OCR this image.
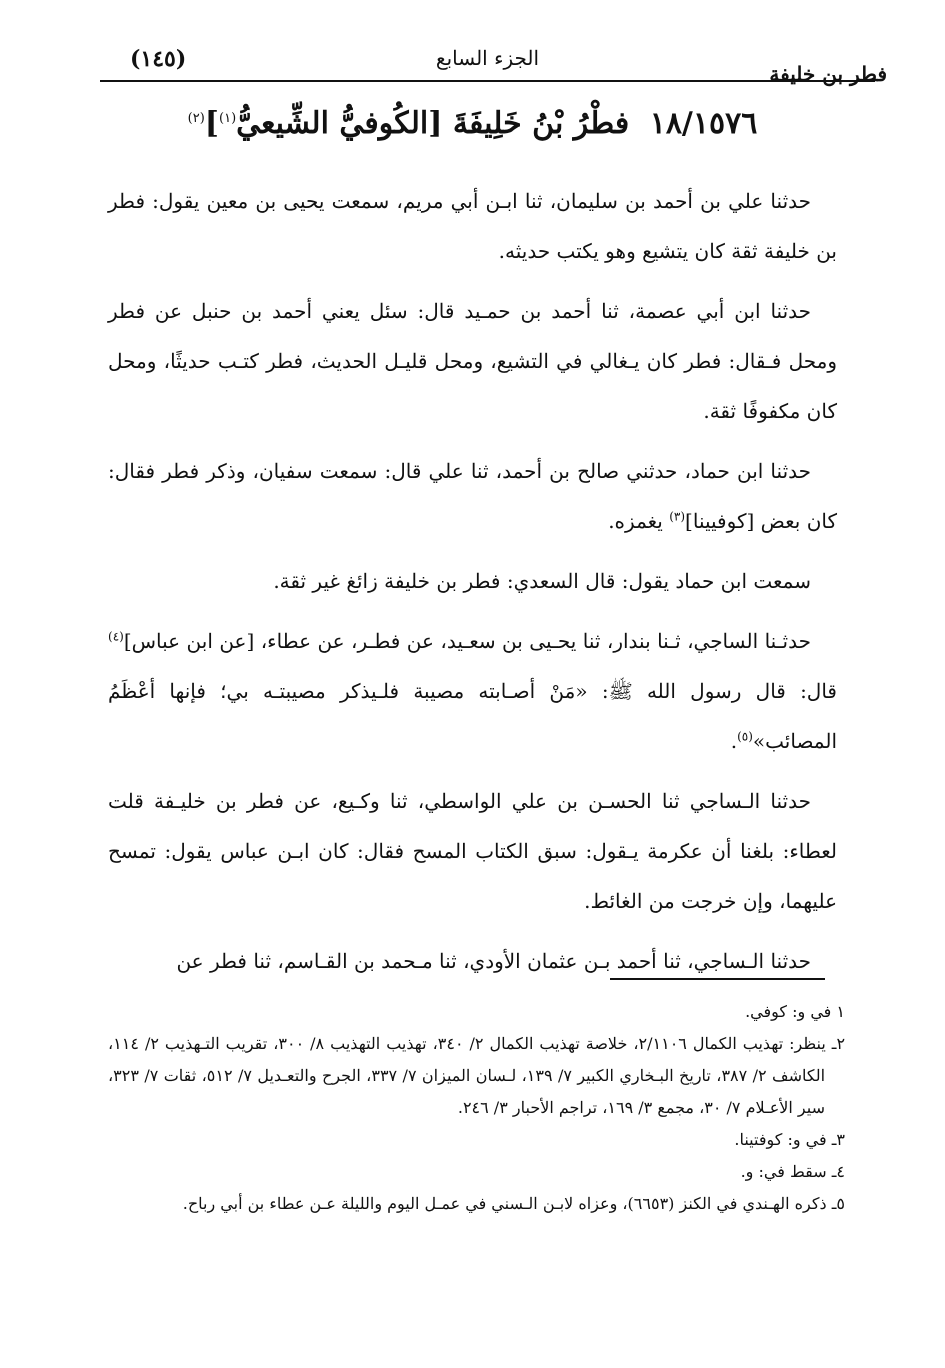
فطر بن خليفة
الجزء السابع
(١٤٥)
١٨/١٥٧٦ فطْرُ بْنُ خَلِيفَةَ [الكُوفيُّ الشِّيعيُّ$^{(١)}$]$^{(٢)}$

حدثنا علي بن أحمد بن سليمان، ثنا ابـن أبي مريم، سمعت يحيى بن معين يقول: فطر بن خليفة ثقة كان يتشيع وهو يكتب حديثه.

حدثنا ابن أبي عصمة، ثنا أحمد بن حمـيد قال: سئل يعني أحمد بن حنبل عن فطر ومحل فـقال: فطر كان يـغالي في التشيع، ومحل قليـل الحديث، فطر كتـب حديثًا، ومحل كان مكفوفًا ثقة.

حدثنا ابن حماد، حدثني صالح بن أحمد، ثنا علي قال: سمعت سفيان، وذكر فطر فقال: كان بعض [كوفيينا]$^{(٣)}$ يغمزه.

سمعت ابن حماد يقول: قال السعدي: فطر بن خليفة زائغ غير ثقة.

حدثـنا الساجي، ثـنا بندار، ثنا يحـيى بن سعـيد، عن فطـر، عن عطاء، [عن ابن عباس]$^{(٤)}$ قال: قال رسول الله ﷺ: «مَنْ أصـابته مصيبة فلـيذكر مصيبتـه بي؛ فإنها أعْظَمُ المصائب»$^{(٥)}$.

حدثنا الـساجي ثنا الحسـن بن علي الواسطي، ثنا وكـيع، عن فطر بن خليـفة قلت لعطاء: بلغنا أن عكرمة يـقول: سبق الكتاب المسح فقال: كان ابـن عباس يقول: تمسح عليهما، وإن خرجت من الغائط.

حدثنا الـساجي، ثنا أحمد بـن عثمان الأودي، ثنا مـحمد بن القـاسم، ثنا فطر عن

١ في و: كوفي.

٢ـ ينظر: تهذيب الكمال ٢/١١٠٦، خلاصة تهذيب الكمال ٢/ ٣٤٠، تهذيب التهذيب ٨/ ٣٠٠، تقريب التـهذيب ٢/ ١١٤، الكاشف ٢/ ٣٨٧، تاريخ البـخاري الكبير ٧/ ١٣٩، لـسان الميزان ٧/ ٣٣٧، الجرح والتعـديل ٧/ ٥١٢، ثقات ٧/ ٣٢٣، سير الأعـلام ٧/ ٣٠، مجمع ٣/ ١٦٩، تراجم الأحبار ٣/ ٢٤٦.

٣ـ في و: كوفتينا.

٤ـ سقط في: و.

٥ـ ذكره الهـندي في الكنز (٦٦٥٣)، وعزاه لابـن الـسني في عمـل اليوم والليلة عـن عطاء بن أبي رباح.
